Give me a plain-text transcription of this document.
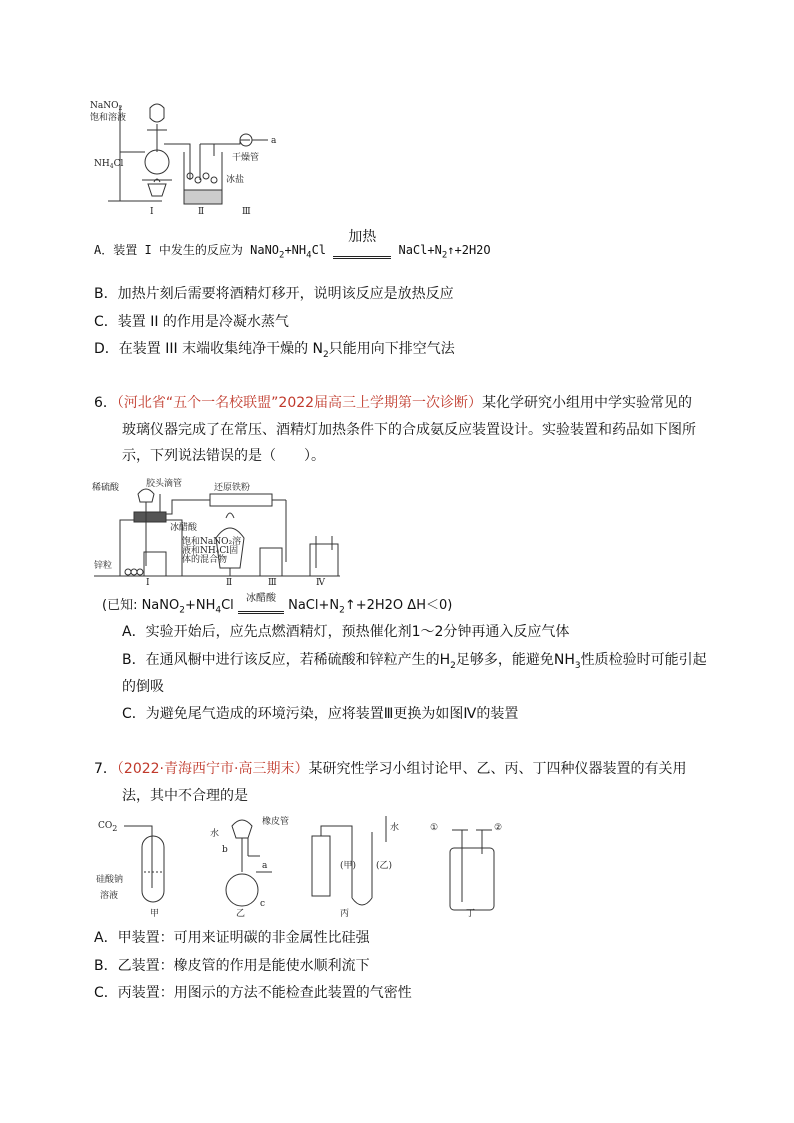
NaNO$_2$
饱和溶液
$NH_4Cl$
干燥管
冰盐
a
Ⅰ	Ⅱ	Ⅲ
A．装置 I 中发生的反应为 $NaNO_2+NH_4Cl$
加热
$NaCl+N_2↑+2H2O$
B．加热片刻后需要将酒精灯移开，说明该反应是放热反应
C．装置 II 的作用是冷凝水蒸气
D．在装置 III 末端收集纯净干燥的 $N_2$只能用向下排空气法
6．（河北省“五个一名校联盟”2022届高三上学期第一次诊断）某化学研究小组用中学实验常见的
玻璃仪器完成了在常压、酒精灯加热条件下的合成氨反应装置设计。实验装置和药品如下图所
示，下列说法错误的是（　　）。
稀硫酸	胶头滴管	还原铁粉
冰醋酸
饱和NaNO₂溶
液和NH₄Cl固
体的混合物
锌粒
Ⅰ	Ⅱ	Ⅲ	Ⅳ
(已知: $NaNO_2+NH_4Cl$	冰醋酸 $NaCl+N_2↑+2H2O$ ΔH＜0)
A．实验开始后，应先点燃酒精灯，预热催化剂1～2分钟再通入反应气体
B．在通风橱中进行该反应，若稀硫酸和锌粒产生的$H_2$足够多，能避免$NH_3$性质检验时可能引起
的倒吸
C．为避免尾气造成的环境污染，应将装置Ⅲ更换为如图Ⅳ的装置
7．（2022·青海西宁市·高三期末）某研究性学习小组讨论甲、乙、丙、丁四种仪器装置的有关用
法，其中不合理的是
CO2
硅酸钠
溶液
甲
水
橡皮管
b
a
c
乙
(甲) (乙)
水
丙
①	②
丁
A．甲装置：可用来证明碳的非金属性比硅强
B．乙装置：橡皮管的作用是能使水顺利流下
C．丙装置：用图示的方法不能检查此装置的气密性
